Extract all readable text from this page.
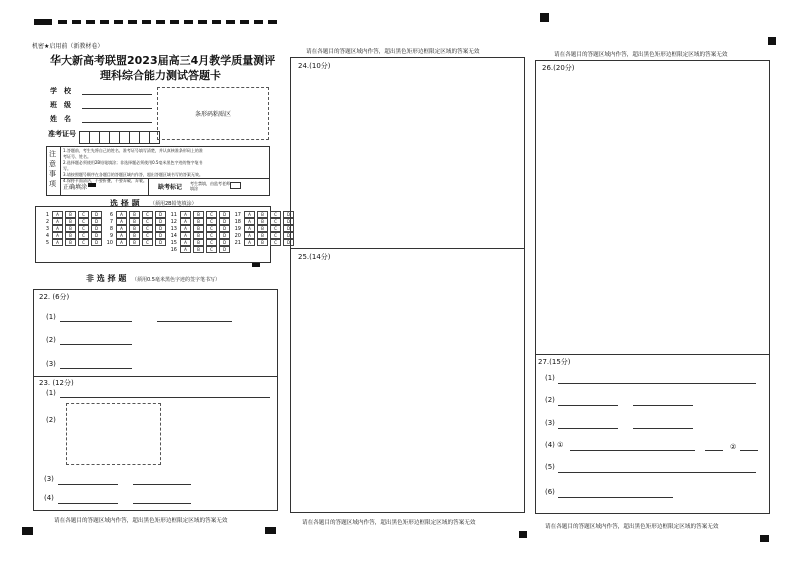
机密★启用前（新教材卷）
华大新高考联盟2023届高三4月教学质量测评
理科综合能力测试答题卡
学　校
班　级
姓　名
准考证号
条形码粘贴区
注意事项
1.答题前，考生先将自己的姓名、准考证号填写清楚，并认真核准条形码上的准考证号、姓名。
2.选择题必须使用2B铅笔填涂；非选择题必须使用0.5毫米黑色字迹的签字笔书写。
3.请按照题号顺序在各题目的答题区域内作答，超出答题区域书写的答案无效。
4.保持卡面清洁，不要折叠，不要弄破、弄皱。
正确填涂	缺考标记
考生禁填，由监考老师填涂
选 择 题 （须用2B铅笔填涂）
1	A	B	C	D
2	A	B	C	D
3	A	B	C	D
4	A	B	C	D
5	A	B	C	D
6	A	B	C	D
7	A	B	C	D
8	A	B	C	D
9	A	B	C	D
10	A	B	C	D
11	A	B	C	D
12	A	B	C	D
13	A	B	C	D
14	A	B	C	D
15	A	B	C	D
16	A	B	C	D
17	A	B	C	D
18	A	B	C	D
19	A	B	C	D
20	A	B	C	D
21	A	B	C	D
非 选 择 题 （须用0.5毫米黑色字迹的签字笔书写）
22. (6分)
(1)
(2)
(3)
23. (12分)
(1)
(2)
(3)
(4)
请在各题目的答题区域内作答，超出黑色矩形边框限定区域的答案无效
请在各题目的答题区域内作答，超出黑色矩形边框限定区域的答案无效
24.(10分)
25.(14分)
请在各题目的答题区域内作答，超出黑色矩形边框限定区域的答案无效
请在各题目的答题区域内作答，超出黑色矩形边框限定区域的答案无效
26.(20分)
27.(15分)
(1)
(2)
(3)
(4) ①	②
(5)
(6)
请在各题目的答题区域内作答，超出黑色矩形边框限定区域的答案无效
